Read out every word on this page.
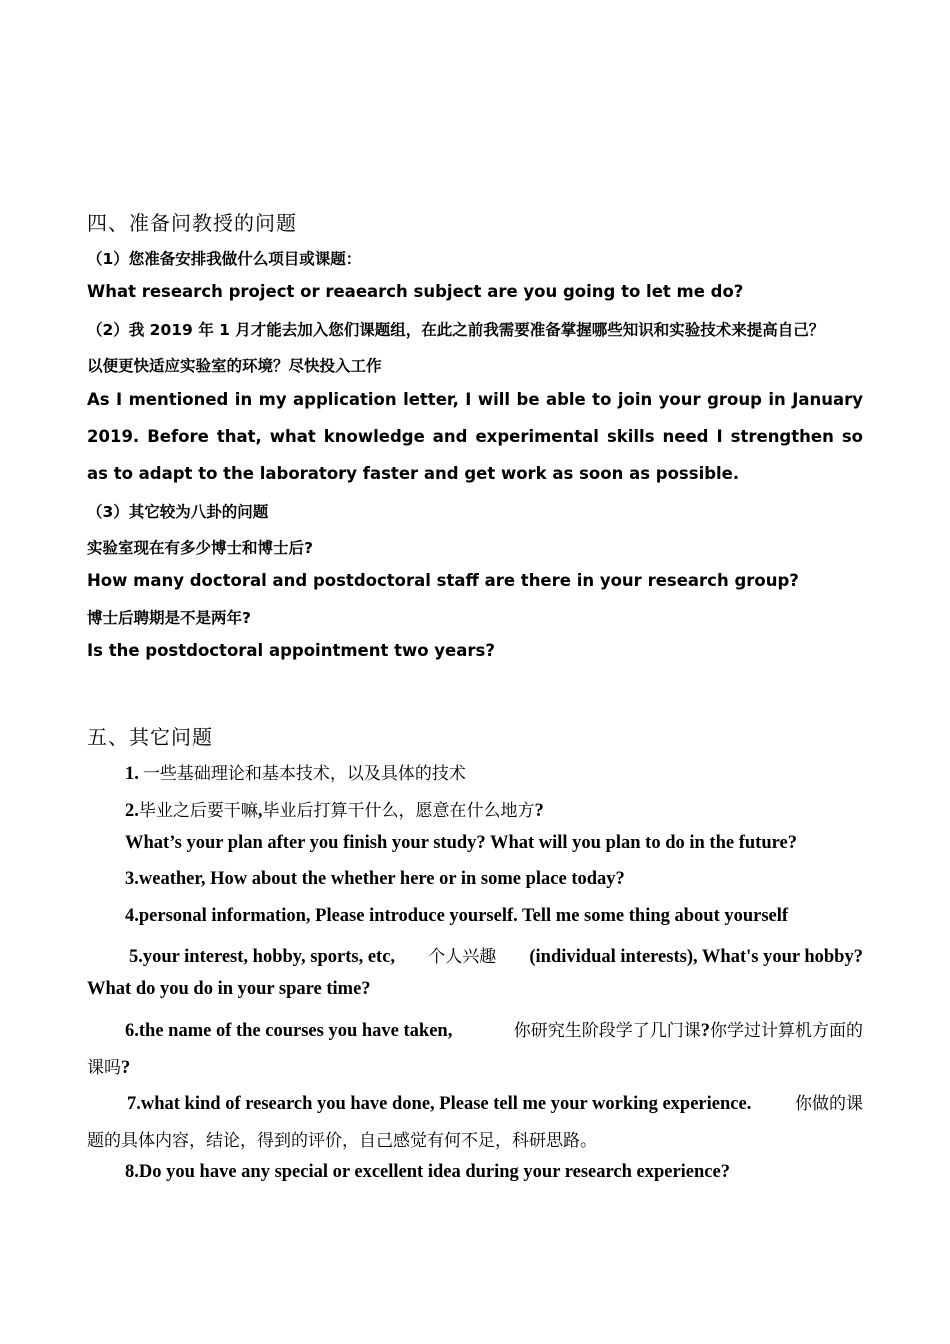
四、准备问教授的问题
（1）您准备安排我做什么项目或课题：
What research project or reaearch subject are you going to let me do?
（2）我 2019 年 1 月才能去加入您们课题组，在此之前我需要准备掌握哪些知识和实验技术来提高自己？
以便更快适应实验室的环境？尽快投入工作
As I mentioned in my application letter, I will be able to join your group in January
2019. Before that, what knowledge and experimental skills need I strengthen so
as to adapt to the laboratory faster and get work as soon as possible.
（3）其它较为八卦的问题
实验室现在有多少博士和博士后?
How many doctoral and postdoctoral staff are there in your research group?
博士后聘期是不是两年?
Is the postdoctoral appointment two years?
五、其它问题
1. 一些基础理论和基本技术，以及具体的技术
2.毕业之后要干嘛,毕业后打算干什么，愿意在什么地方?
What’s your plan after you finish your study? What will you plan to do in the future?
3.weather, How about the whether here or in some place today?
4.personal information, Please introduce yourself. Tell me some thing about yourself
5.your interest, hobby, sports, etc, 个人兴趣 (individual interests), What's your hobby?
What do you do in your spare time?
6.the name of the courses you have taken,	你研究生阶段学了几门课?你学过计算机方面的
课吗?
7.what kind of research you have done, Please tell me your working experience.	你做的课
题的具体内容，结论，得到的评价，自己感觉有何不足，科研思路。
8.Do you have any special or excellent idea during your research experience?
